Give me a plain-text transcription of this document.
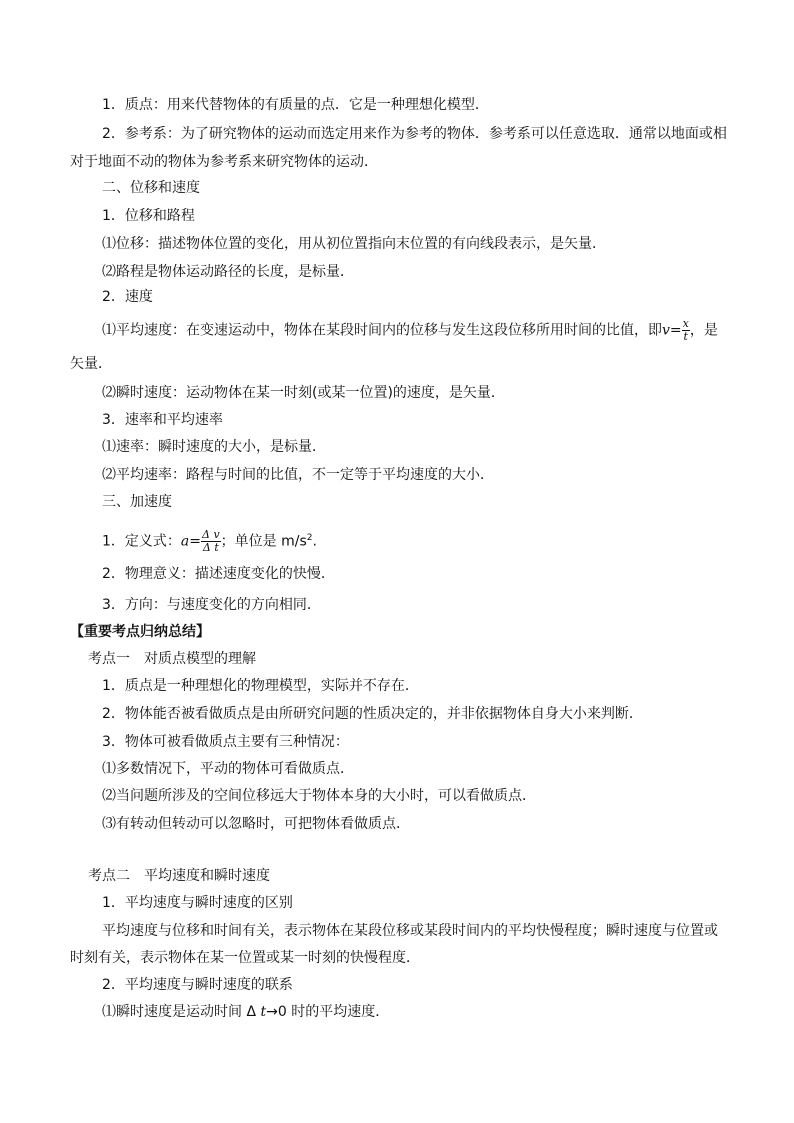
1．质点：用来代替物体的有质量的点．它是一种理想化模型．
2．参考系：为了研究物体的运动而选定用来作为参考的物体．参考系可以任意选取．通常以地面或相
对于地面不动的物体为参考系来研究物体的运动．
二、位移和速度
1．位移和路程
⑴位移：描述物体位置的变化，用从初位置指向末位置的有向线段表示，是矢量．
⑵路程是物体运动路径的长度，是标量．
2．速度
⑴平均速度：在变速运动中，物体在某段时间内的位移与发生这段位移所用时间的比值，即$v= \frac{x}{t}$ ，是
矢量．
⑵瞬时速度：运动物体在某一时刻(或某一位置)的速度，是矢量．
3．速率和平均速率
⑴速率：瞬时速度的大小，是标量．
⑵平均速率：路程与时间的比值，不一定等于平均速度的大小．
三、加速度
1．定义式：$a= \frac{\text{Δ v}}{\text{Δ t}}$ ；单位是 $m/s^2$.
2．物理意义：描述速度变化的快慢．
3．方向：与速度变化的方向相同．
【重要考点归纳总结】
考点一　对质点模型的理解
1．质点是一种理想化的物理模型，实际并不存在．
2．物体能否被看做质点是由所研究问题的性质决定的，并非依据物体自身大小来判断．
3．物体可被看做质点主要有三种情况：
⑴多数情况下，平动的物体可看做质点．
⑵当问题所涉及的空间位移远大于物体本身的大小时，可以看做质点．
⑶有转动但转动可以忽略时，可把物体看做质点．
考点二　平均速度和瞬时速度
1．平均速度与瞬时速度的区别
平均速度与位移和时间有关，表示物体在某段位移或某段时间内的平均快慢程度；瞬时速度与位置或
时刻有关，表示物体在某一位置或某一时刻的快慢程度．
2．平均速度与瞬时速度的联系
⑴瞬时速度是运动时间 Δ t→0 时的平均速度．
